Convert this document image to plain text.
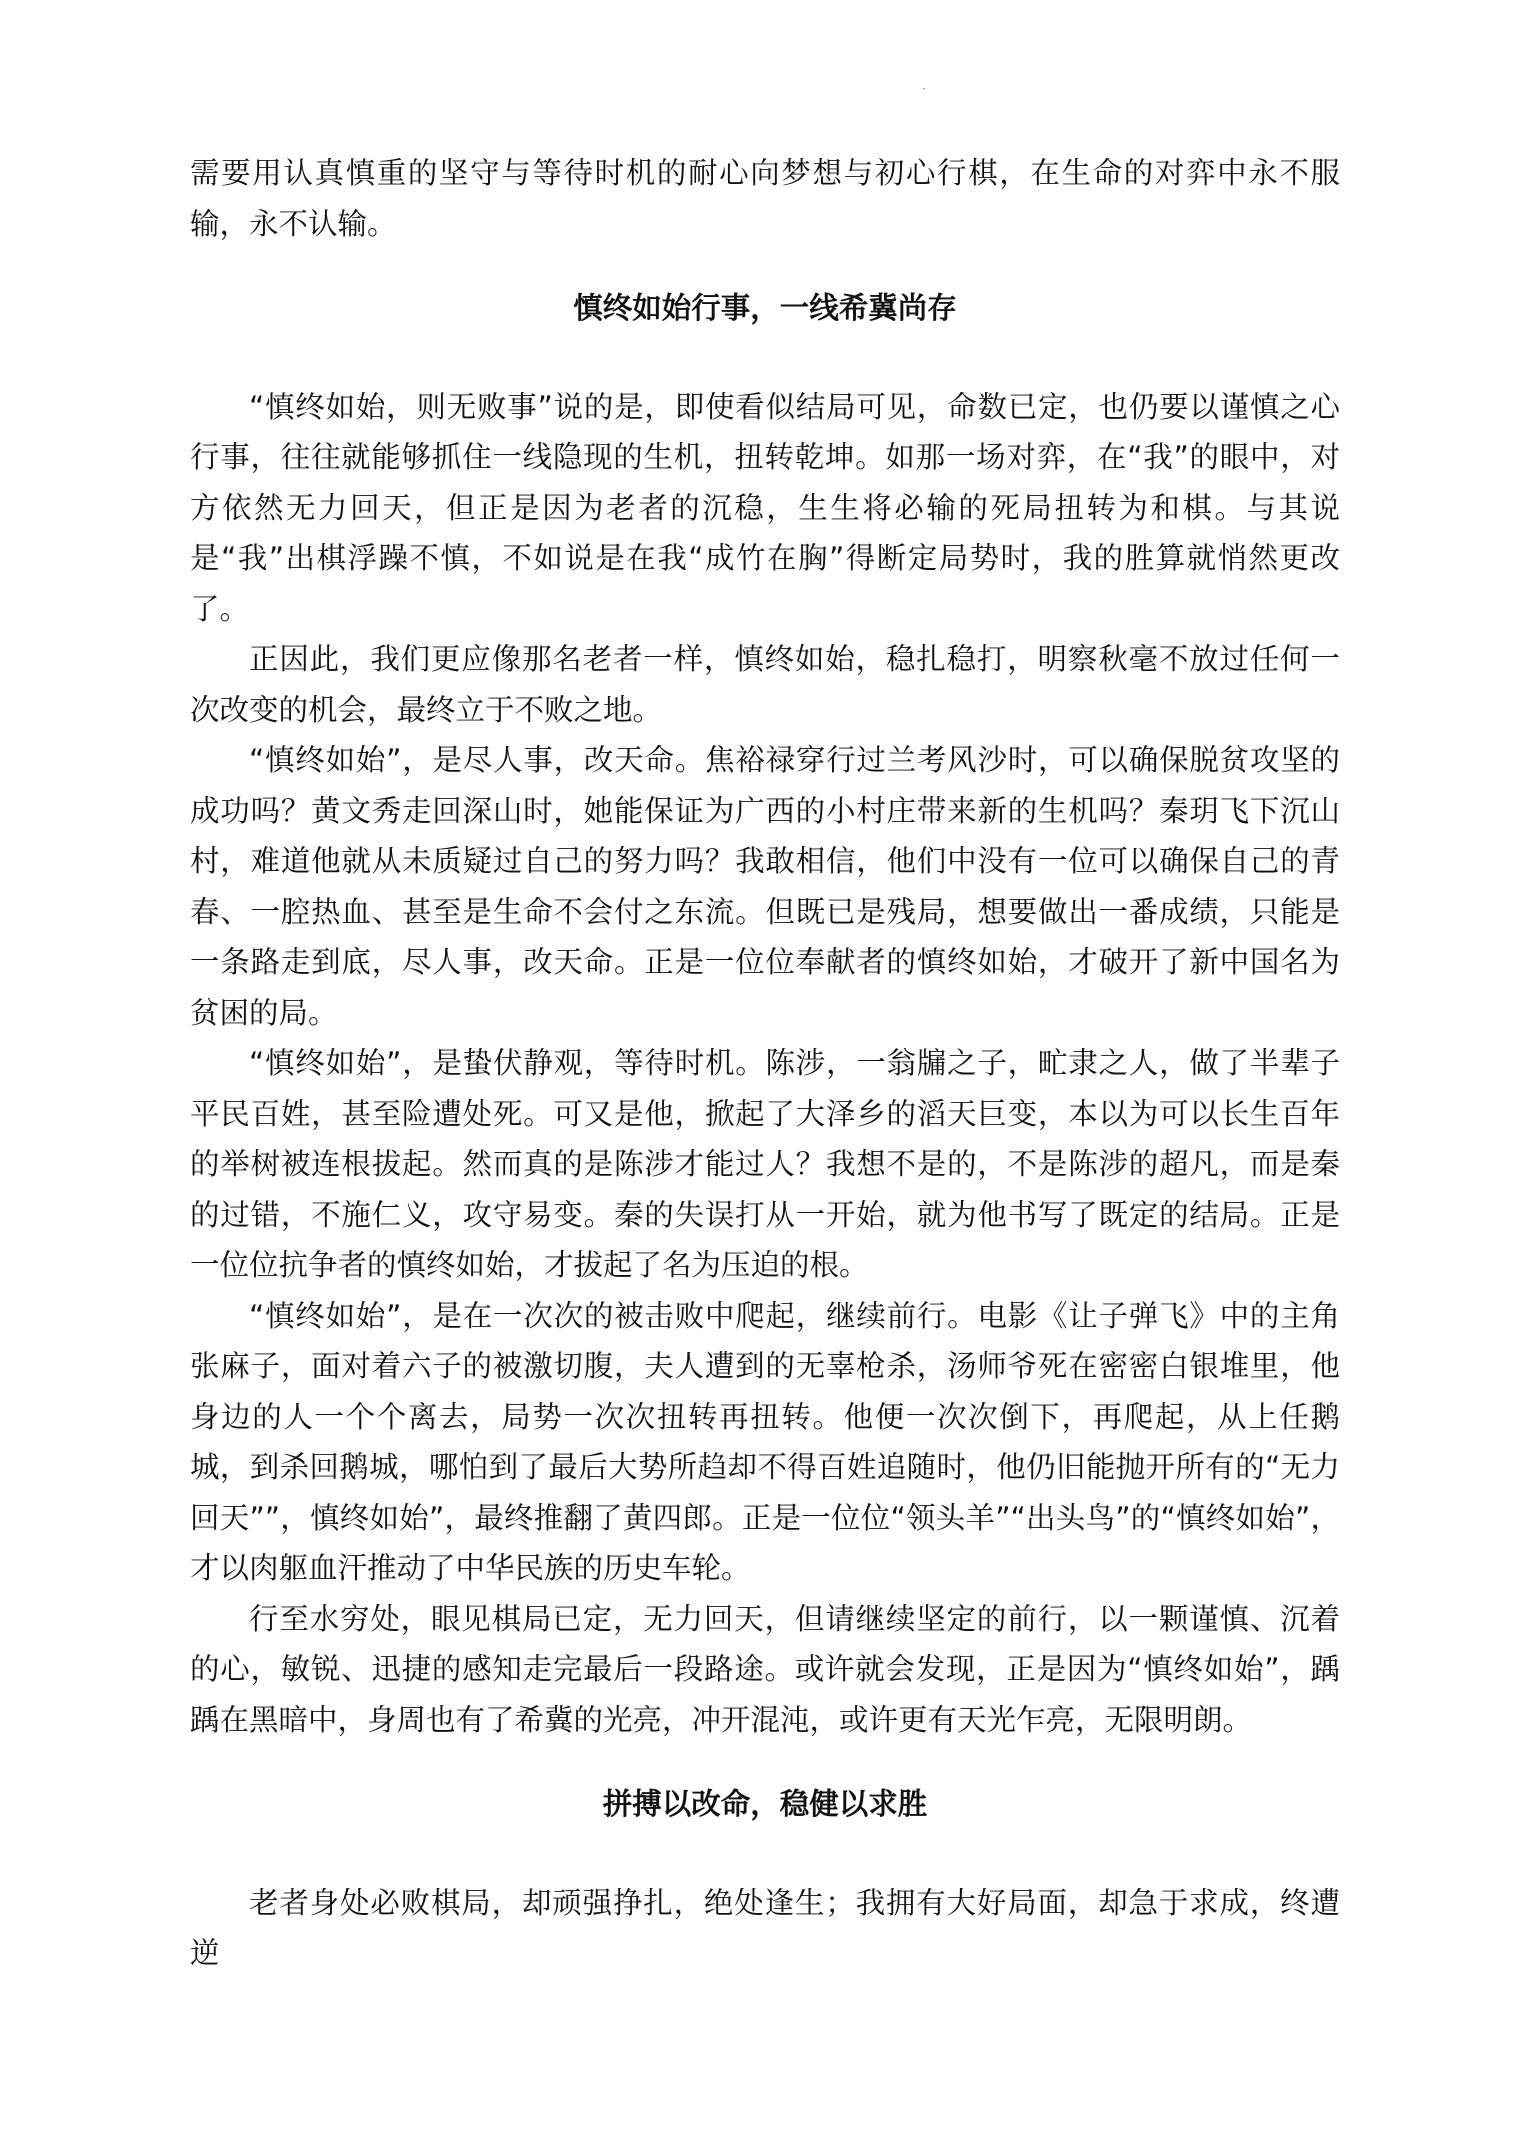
·

需要用认真慎重的坚守与等待时机的耐心向梦想与初心行棋，在生命的对弈中永不服输，永不认输。

慎终如始行事，一线希冀尚存

“慎终如始，则无败事”说的是，即使看似结局可见，命数已定，也仍要以谨慎之心行事，往往就能够抓住一线隐现的生机，扭转乾坤。如那一场对弈，在“我”的眼中，对方依然无力回天，但正是因为老者的沉稳，生生将必输的死局扭转为和棋。与其说是“我”出棋浮躁不慎，不如说是在我“成竹在胸”得断定局势时，我的胜算就悄然更改了。

正因此，我们更应像那名老者一样，慎终如始，稳扎稳打，明察秋毫不放过任何一次改变的机会，最终立于不败之地。

“慎终如始”，是尽人事，改天命。焦裕禄穿行过兰考风沙时，可以确保脱贫攻坚的成功吗？黄文秀走回深山时，她能保证为广西的小村庄带来新的生机吗？秦玥飞下沉山村，难道他就从未质疑过自己的努力吗？我敢相信，他们中没有一位可以确保自己的青春、一腔热血、甚至是生命不会付之东流。但既已是残局，想要做出一番成绩，只能是一条路走到底，尽人事，改天命。正是一位位奉献者的慎终如始，才破开了新中国名为贫困的局。

“慎终如始”，是蛰伏静观，等待时机。陈涉，一翁牖之子，甿隶之人，做了半辈子平民百姓，甚至险遭处死。可又是他，掀起了大泽乡的滔天巨变，本以为可以长生百年的举树被连根拔起。然而真的是陈涉才能过人？我想不是的，不是陈涉的超凡，而是秦的过错，不施仁义，攻守易变。秦的失误打从一开始，就为他书写了既定的结局。正是一位位抗争者的慎终如始，才拔起了名为压迫的根。

“慎终如始”，是在一次次的被击败中爬起，继续前行。电影《让子弹飞》中的主角张麻子，面对着六子的被激切腹，夫人遭到的无辜枪杀，汤师爷死在密密白银堆里，他身边的人一个个离去，局势一次次扭转再扭转。他便一次次倒下，再爬起，从上任鹅城，到杀回鹅城，哪怕到了最后大势所趋却不得百姓追随时，他仍旧能抛开所有的“无力回天””，慎终如始”，最终推翻了黄四郎。正是一位位“领头羊”“出头鸟”的“慎终如始”，才以肉躯血汗推动了中华民族的历史车轮。

行至水穷处，眼见棋局已定，无力回天，但请继续坚定的前行，以一颗谨慎、沉着的心，敏锐、迅捷的感知走完最后一段路途。或许就会发现，正是因为“慎终如始”，踽踽在黑暗中，身周也有了希冀的光亮，冲开混沌，或许更有天光乍亮，无限明朗。

拼搏以改命，稳健以求胜

老者身处必败棋局，却顽强挣扎，绝处逢生；我拥有大好局面，却急于求成，终遭逆
